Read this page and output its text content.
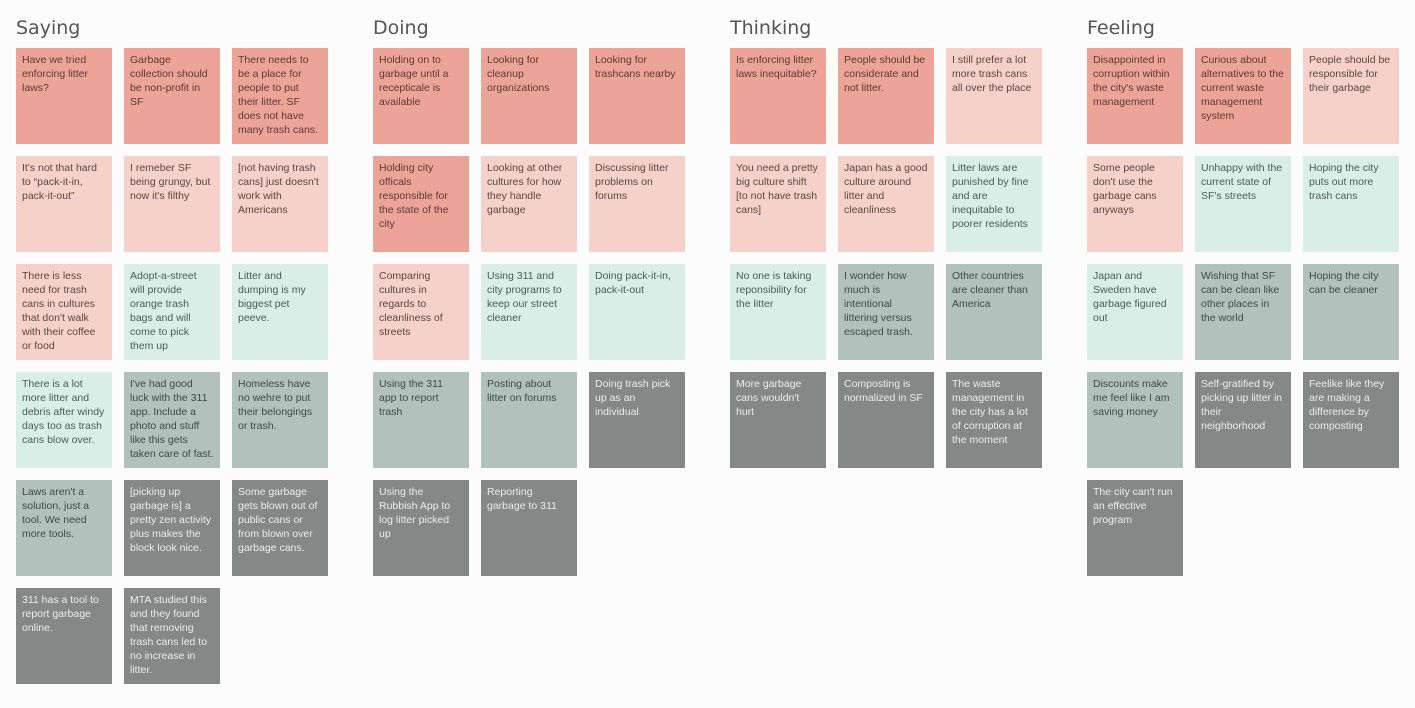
Saying
Have we tried enforcing litter laws?
Garbage collection should be non-profit in SF
There needs to be a place for people to put their litter. SF does not have many trash cans.
It's not that hard to “pack-it-in, pack-it-out”
I remeber SF being grungy, but now it's filthy
[not having trash cans] just doesn't work with Americans
There is less need for trash cans in cultures that don't walk with their coffee or food
Adopt-a-street will provide orange trash bags and will come to pick them up
Litter and dumping is my biggest pet peeve.
There is a lot more litter and debris after windy days too as trash cans blow over.
I've had good luck with the 311 app. Include a photo and stuff like this gets taken care of fast.
Homeless have no wehre to put their belongings or trash.
Laws aren't a solution, just a tool. We need more tools.
[picking up garbage is] a pretty zen activity plus makes the block look nice.
Some garbage gets blown out of public cans or from blown over garbage cans.
311 has a tool to report garbage online.
MTA studied this and they found that removing trash cans led to no increase in litter.
Doing
Holding on to garbage until a recepticale is available
Looking for cleanup organizations
Looking for trashcans nearby
Holding city officals responsible for the state of the city
Looking at other cultures for how they handle garbage
Discussing litter problems on forums
Comparing cultures in regards to cleanliness of streets
Using 311 and city programs to keep our street cleaner
Doing pack-it-in, pack-it-out
Using the 311 app to report trash
Posting about litter on forums
Doing trash pick up as an individual
Using the Rubbish App to log litter picked up
Reporting garbage to 311
Thinking
Is enforcing litter laws inequitable?
People should be considerate and not litter.
I still prefer a lot more trash cans all over the place
You need a pretty big culture shift [to not have trash cans]
Japan has a good culture around litter and cleanliness
Litter laws are punished by fine and are inequitable to poorer residents
No one is taking reponsibility for the litter
I wonder how much is intentional littering versus escaped trash.
Other countries are cleaner than America
More garbage cans wouldn't hurt
Composting is normalized in SF
The waste management in the city has a lot of corruption at the moment
Feeling
Disappointed in corruption within the city's waste management
Curious about alternatives to the current waste management system
People should be responsible for their garbage
Some people don't use the garbage cans anyways
Unhappy with the current state of SF's streets
Hoping the city puts out more trash cans
Japan and Sweden have garbage figured out
Wishing that SF can be clean like other places in the world
Hoping the city can be cleaner
Discounts make me feel like I am saving money
Self-gratified by picking up litter in their neighborhood
Feelike like they are making a difference by composting
The city can't run an effective program
